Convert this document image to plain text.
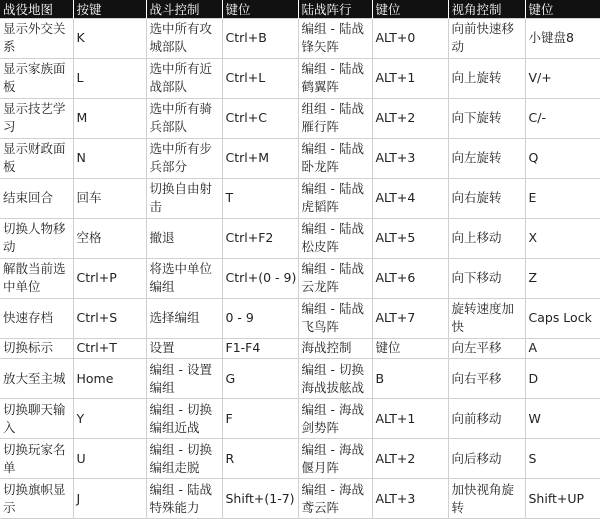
战役地图	按键	战斗控制	键位	陆战阵行	键位	视角控制	键位
显示外交关系	K	选中所有攻城部队	Ctrl+B	编组 - 陆战锋矢阵	ALT+0	向前快速移动	小键盘8
显示家族面板	L	选中所有近战部队	Ctrl+L	编组 - 陆战鹤翼阵	ALT+1	向上旋转	V/+
显示技艺学习	M	选中所有骑兵部队	Ctrl+C	组组 - 陆战雁行阵	ALT+2	向下旋转	C/-
显示财政面板	N	选中所有步兵部分	Ctrl+M	编组 - 陆战卧龙阵	ALT+3	向左旋转	Q
结束回合	回车	切换自由射击	T	编组 - 陆战虎韬阵	ALT+4	向右旋转	E
切换人物移动	空格	撤退	Ctrl+F2	编组 - 陆战松皮阵	ALT+5	向上移动	X
解散当前选中单位	Ctrl+P	将选中单位编组	Ctrl+(0 - 9)	编组 - 陆战云龙阵	ALT+6	向下移动	Z
快速存档	Ctrl+S	选择编组	0 - 9	编组 - 陆战飞鸟阵	ALT+7	旋转速度加快	Caps Lock
切换标示	Ctrl+T	设置	F1-F4	海战控制	键位	向左平移	A
放大至主城	Home	编组 - 设置编组	G	编组 - 切换海战拔舷战	B	向右平移	D
切换聊天输入	Y	编组 - 切换编组近战	F	编组 - 海战剑势阵	ALT+1	向前移动	W
切换玩家名单	U	编组 - 切换编组走脱	R	编组 - 海战偃月阵	ALT+2	向后移动	S
切换旗帜显示	J	编组 - 陆战特殊能力	Shift+(1-7)	编组 - 海战鸢云阵	ALT+3	加快视角旋转	Shift+UP
